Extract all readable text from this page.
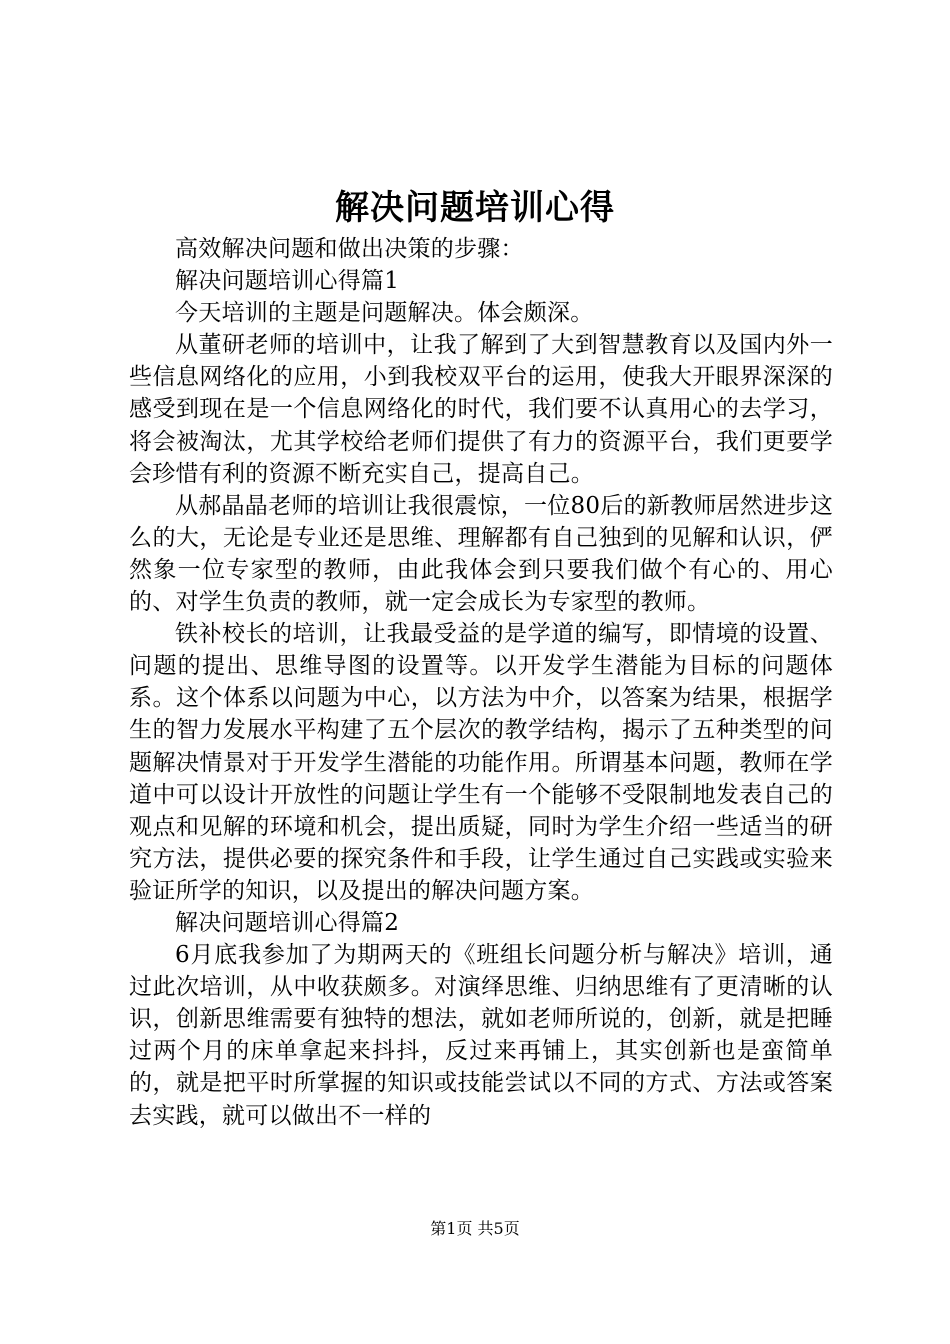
解决问题培训心得

高效解决问题和做出决策的步骤：

解决问题培训心得篇1

今天培训的主题是问题解决。体会颇深。

从董研老师的培训中，让我了解到了大到智慧教育以及国内外一些信息网络化的应用，小到我校双平台的运用，使我大开眼界深深的感受到现在是一个信息网络化的时代，我们要不认真用心的去学习，将会被淘汰，尤其学校给老师们提供了有力的资源平台，我们更要学会珍惜有利的资源不断充实自己，提高自己。

从郝晶晶老师的培训让我很震惊，一位80后的新教师居然进步这么的大，无论是专业还是思维、理解都有自己独到的见解和认识，俨然象一位专家型的教师，由此我体会到只要我们做个有心的、用心的、对学生负责的教师，就一定会成长为专家型的教师。

铁补校长的培训，让我最受益的是学道的编写，即情境的设置、问题的提出、思维导图的设置等。以开发学生潜能为目标的问题体系。这个体系以问题为中心，以方法为中介，以答案为结果，根据学生的智力发展水平构建了五个层次的教学结构，揭示了五种类型的问题解决情景对于开发学生潜能的功能作用。所谓基本问题，教师在学道中可以设计开放性的问题让学生有一个能够不受限制地发表自己的观点和见解的环境和机会，提出质疑，同时为学生介绍一些适当的研究方法，提供必要的探究条件和手段，让学生通过自己实践或实验来验证所学的知识，以及提出的解决问题方案。

解决问题培训心得篇2

6月底我参加了为期两天的《班组长问题分析与解决》培训，通过此次培训，从中收获颇多。对演绎思维、归纳思维有了更清晰的认识，创新思维需要有独特的想法，就如老师所说的，创新，就是把睡过两个月的床单拿起来抖抖，反过来再铺上，其实创新也是蛮简单的，就是把平时所掌握的知识或技能尝试以不同的方式、方法或答案去实践，就可以做出不一样的

第1页 共5页
